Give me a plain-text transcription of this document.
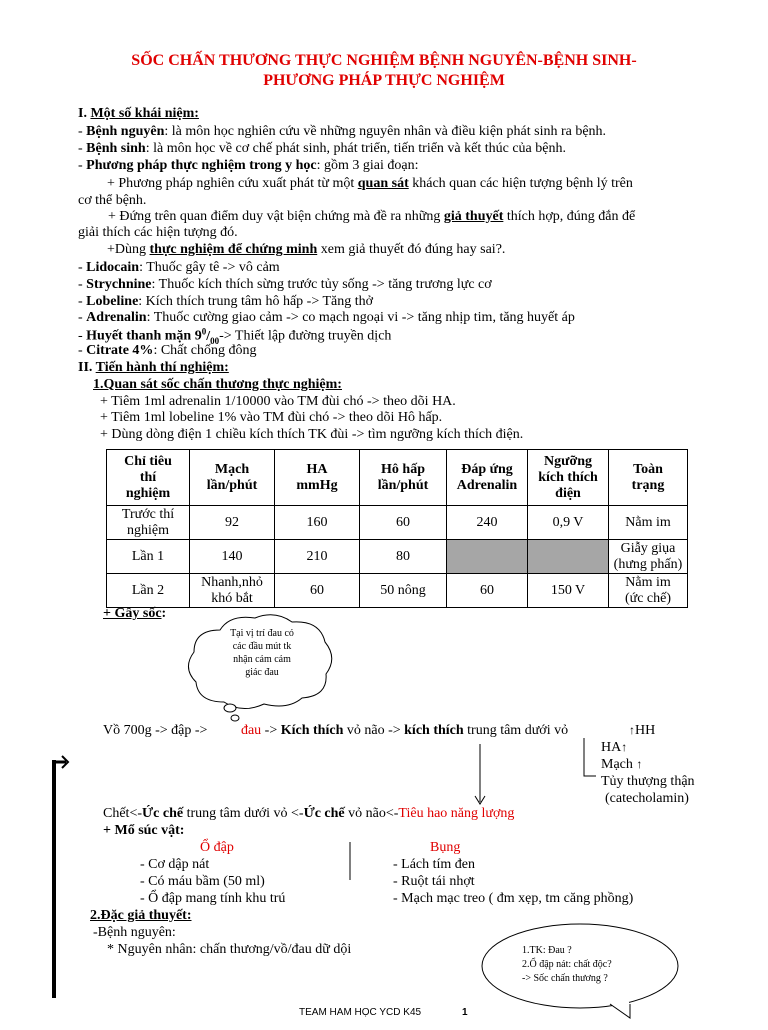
SỐC CHẤN THƯƠNG THỰC NGHIỆM BỆNH NGUYÊN-BỆNH SINH-
PHƯƠNG PHÁP THỰC NGHIỆM
I. Một số khái niệm:
- Bệnh nguyên: là môn học nghiên cứu về những nguyên nhân và điều kiện phát sinh ra bệnh.
- Bệnh sinh: là môn học về cơ chế phát sinh, phát triển, tiến triển và kết thúc của bệnh.
- Phương pháp thực nghiệm trong y học: gồm 3 giai đoạn:
+ Phương pháp nghiên cứu xuất phát từ một quan sát khách quan các hiện tượng bệnh lý trên
cơ thể bệnh.
+ Đứng trên quan điểm duy vật biện chứng mà đề ra những giả thuyết thích hợp, đúng đắn để
giải thích các hiện tượng đó.
+Dùng thực nghiệm để chứng minh xem giả thuyết đó đúng hay sai?.
- Lidocain: Thuốc gây tê -> vô cảm
- Strychnine: Thuốc kích thích sừng trước tủy sống -> tăng trương lực cơ
- Lobeline: Kích thích trung tâm hô hấp -> Tăng thở
- Adrenalin: Thuốc cường giao cảm -> co mạch ngoại vi -> tăng nhịp tim, tăng huyết áp
- Huyết thanh mặn $9^0/_{00}->$ Thiết lập đường truyền dịch
- Citrate 4%: Chất chống đông
II. Tiến hành thí nghiệm:
1.Quan sát sốc chấn thương thực nghiệm:
+ Tiêm 1ml adrenalin 1/10000 vào TM đùi chó -> theo dõi HA.
+ Tiêm 1ml lobeline 1% vào TM đùi chó -> theo dõi Hô hấp.
+ Dùng dòng điện 1 chiều kích thích TK đùi -> tìm ngưỡng kích thích điện.
Chỉ tiêu
thí
nghiệm	Mạch
lần/phút	HA
mmHg	Hô hấp
lần/phút	Đáp ứng
Adrenalin	Ngưỡng
kích thích
điện	Toàn
trạng
Trước thí
nghiệm	92	160	60	240	0,9 V	Nằm im
Lần 1	140	210	80			Giẫy giụa
(hưng phấn)
Lần 2	Nhanh,nhỏ
khó bắt	60	50 nông	60	150 V	Nằm im
(ức chế)
+ Gây sốc:
Tại vị trí đau có
các đầu mút tk
nhận cảm cảm
giác đau
Vồ 700g -> đập -> đau -> Kích thích vỏ não -> kích thích trung tâm dưới vỏ	↑HH
HA↑
Mạch ↑
Tủy thượng thận
(catecholamin)
Chết<-Ức chế trung tâm dưới vỏ <-Ức chế vỏ não<-Tiêu hao năng lượng
+ Mổ súc vật:
Ổ đập	Bụng
- Cơ dập nát
- Có máu bầm (50 ml)
- Ổ đập mang tính khu trú
- Lách tím đen
- Ruột tái nhợt
- Mạch mạc treo ( đm xẹp, tm căng phồng)
2.Đặc giả thuyết:
-Bệnh nguyên:
* Nguyên nhân: chấn thương/vồ/đau dữ dội	1.TK: Đau ?
2.Ổ đập nát: chất độc?
-> Sốc chấn thương ?
TEAM HAM HỌC YCD K45	1
